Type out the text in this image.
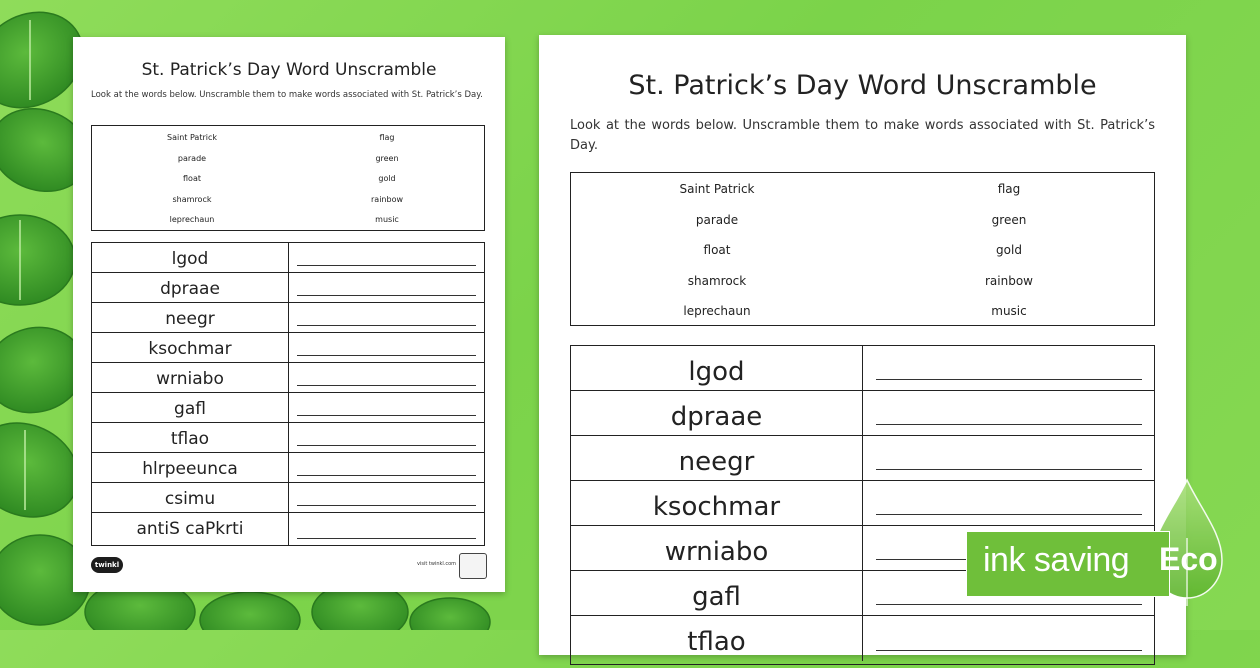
St. Patrick’s Day Word Unscramble
Look at the words below. Unscramble them to make words associated with St. Patrick’s Day.
Saint Patrick
parade
float
shamrock
leprechaun
flag
green
gold
rainbow
music
lgod
dpraae
neegr
ksochmar
wrniabo
gafl
tflao
hlrpeeunca
csimu
antiS caPkrti
twinkl	visit twinkl.com
St. Patrick’s Day Word Unscramble
Look at the words below. Unscramble them to make words associated with St. Patrick’s Day.
Saint Patrick
parade
float
shamrock
leprechaun
flag
green
gold
rainbow
music
lgod
dpraae
neegr
ksochmar
wrniabo
gafl
tflao
ink saving Eco
